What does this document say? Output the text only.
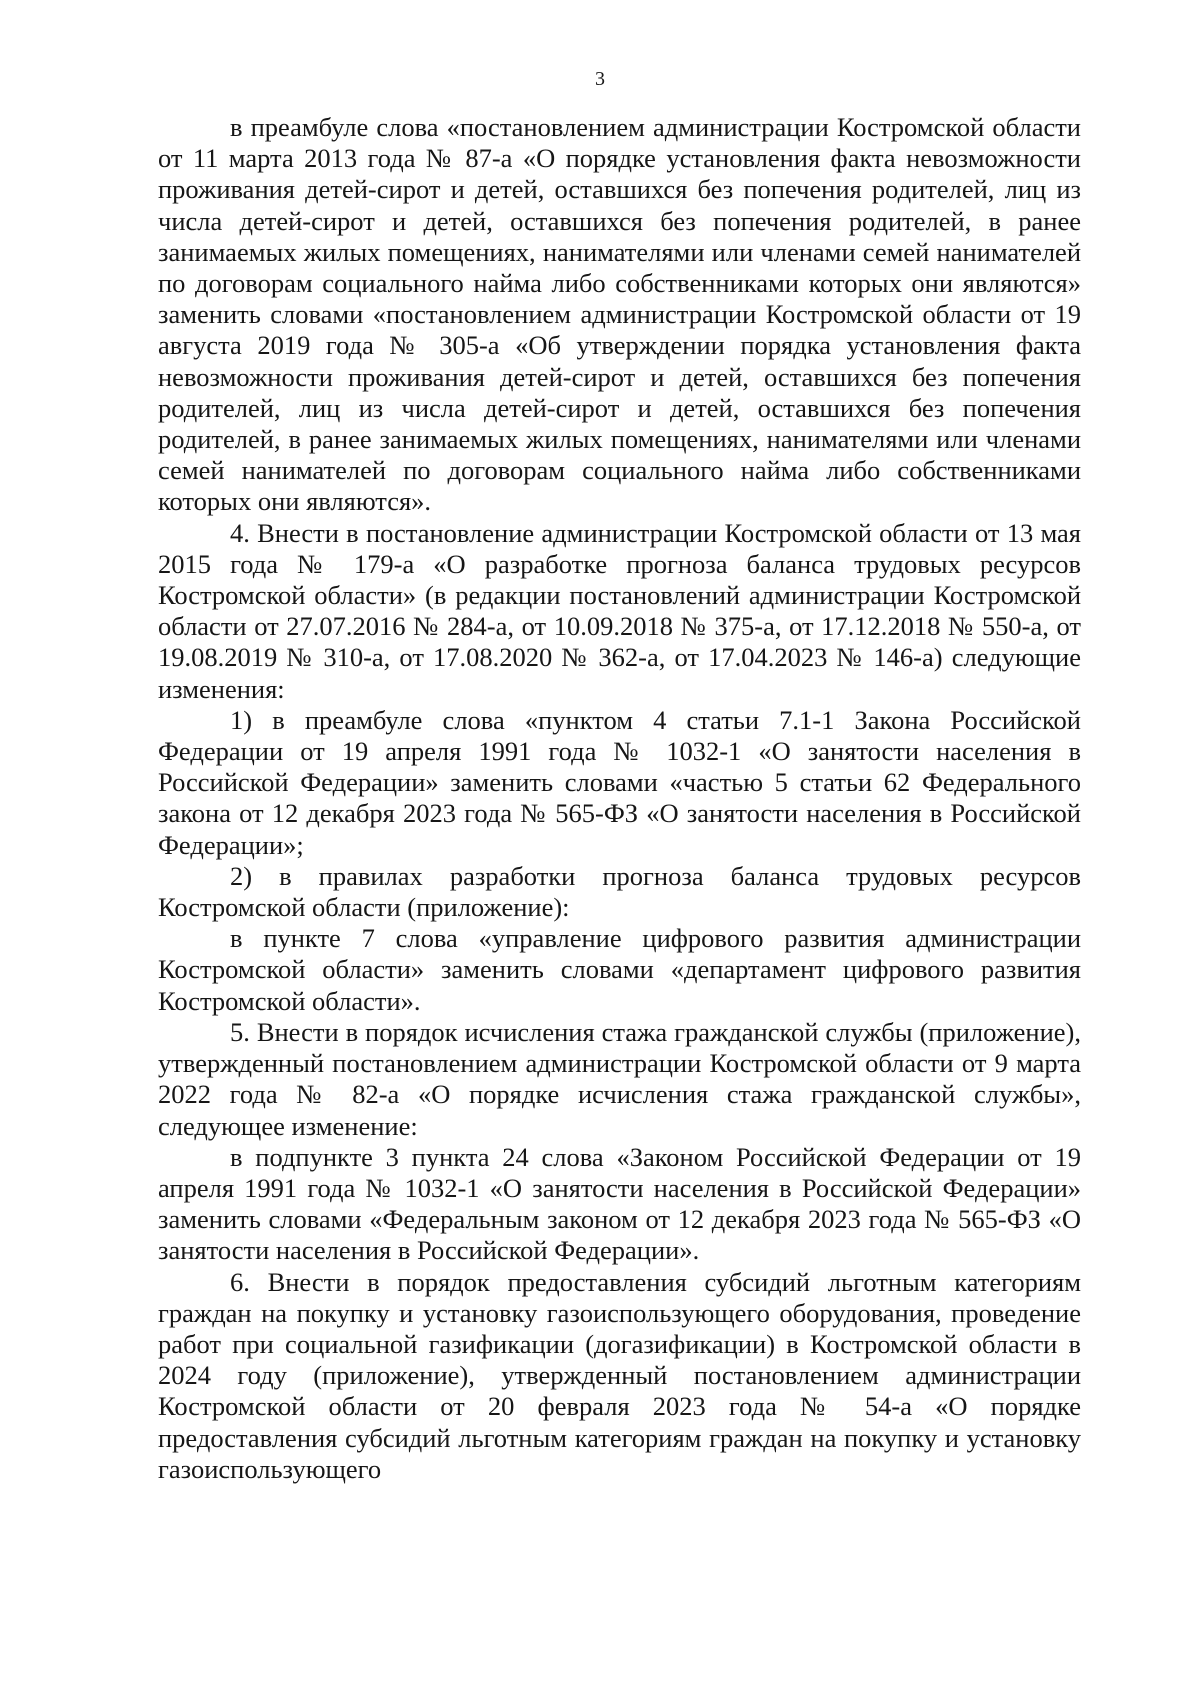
3

в преамбуле слова «постановлением администрации Костромской области от 11 марта 2013 года № 87-а «О порядке установления факта невозможности проживания детей-сирот и детей, оставшихся без попечения родителей, лиц из числа детей-сирот и детей, оставшихся без попечения родителей, в ранее занимаемых жилых помещениях, нанимателями или членами семей нанимателей по договорам социального найма либо собственниками которых они являются» заменить словами «постановлением администрации Костромской области от 19 августа 2019 года № 305-а «Об утверждении порядка установления факта невозможности проживания детей-сирот и детей, оставшихся без попечения родителей, лиц из числа детей-сирот и детей, оставшихся без попечения родителей, в ранее занимаемых жилых помещениях, нанимателями или членами семей нанимателей по договорам социального найма либо собственниками которых они являются».

4. Внести в постановление администрации Костромской области от 13 мая 2015 года № 179-а «О разработке прогноза баланса трудовых ресурсов Костромской области» (в редакции постановлений администрации Костромской области от 27.07.2016 № 284-а, от 10.09.2018 № 375-а, от 17.12.2018 № 550-а, от 19.08.2019 № 310-а, от 17.08.2020 № 362-а, от 17.04.2023 № 146-а) следующие изменения:

1) в преамбуле слова «пунктом 4 статьи 7.1-1 Закона Российской Федерации от 19 апреля 1991 года № 1032-1 «О занятости населения в Российской Федерации» заменить словами «частью 5 статьи 62 Федерального закона от 12 декабря 2023 года № 565-ФЗ «О занятости населения в Российской Федерации»;

2) в правилах разработки прогноза баланса трудовых ресурсов Костромской области (приложение):

в пункте 7 слова «управление цифрового развития администрации Костромской области» заменить словами «департамент цифрового развития Костромской области».

5. Внести в порядок исчисления стажа гражданской службы (приложение), утвержденный постановлением администрации Костромской области от 9 марта 2022 года № 82-а «О порядке исчисления стажа гражданской службы», следующее изменение:

в подпункте 3 пункта 24 слова «Законом Российской Федерации от 19 апреля 1991 года № 1032-1 «О занятости населения в Российской Федерации» заменить словами «Федеральным законом от 12 декабря 2023 года № 565-ФЗ «О занятости населения в Российской Федерации».

6. Внести в порядок предоставления субсидий льготным категориям граждан на покупку и установку газоиспользующего оборудования, проведение работ при социальной газификации (догазификации) в Костромской области в 2024 году (приложение), утвержденный постановлением администрации Костромской области от 20 февраля 2023 года № 54-а «О порядке предоставления субсидий льготным категориям граждан на покупку и установку газоиспользующего
